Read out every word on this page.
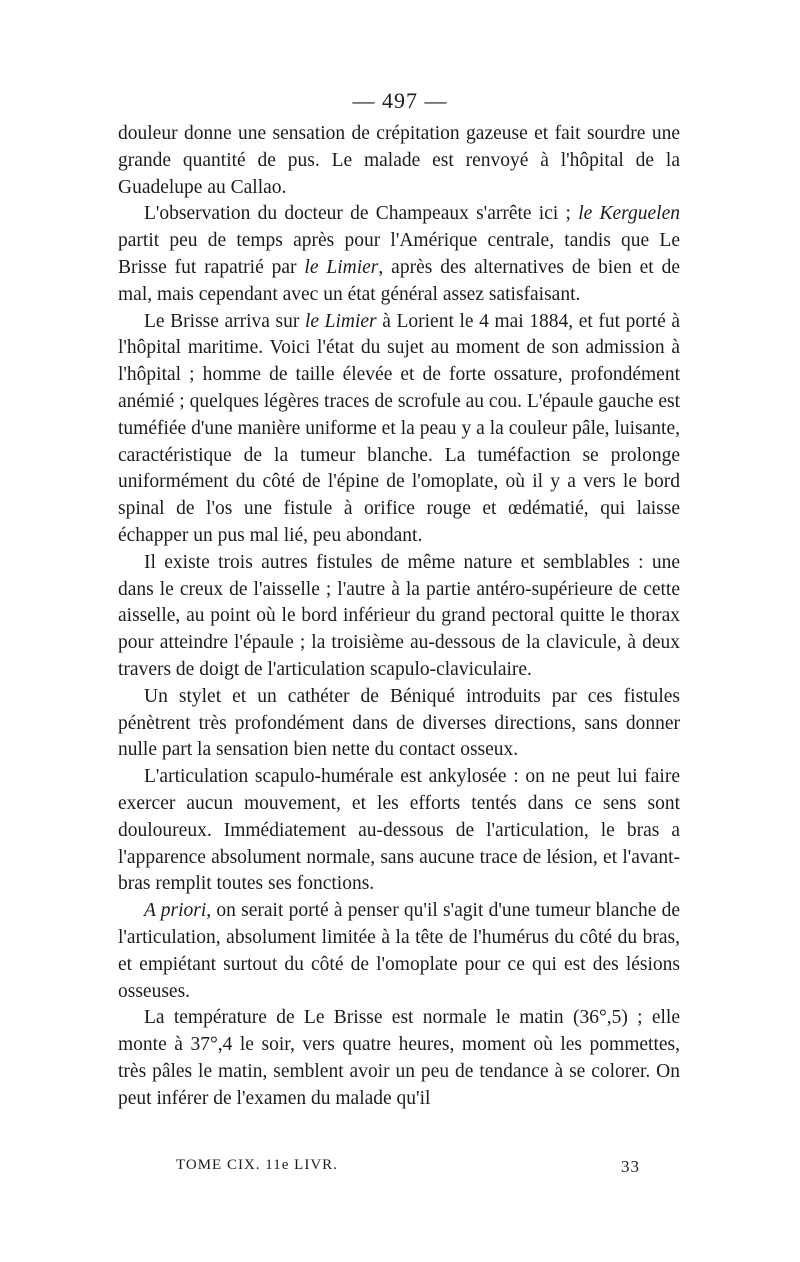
— 497 —

douleur donne une sensation de crépitation gazeuse et fait sourdre une grande quantité de pus. Le malade est renvoyé à l'hôpital de la Guadelupe au Callao.

L'observation du docteur de Champeaux s'arrête ici ; le Kerguelen partit peu de temps après pour l'Amérique centrale, tandis que Le Brisse fut rapatrié par le Limier, après des alternatives de bien et de mal, mais cependant avec un état général assez satisfaisant.

Le Brisse arriva sur le Limier à Lorient le 4 mai 1884, et fut porté à l'hôpital maritime. Voici l'état du sujet au moment de son admission à l'hôpital ; homme de taille élevée et de forte ossature, profondément anémié ; quelques légères traces de scrofule au cou. L'épaule gauche est tuméfiée d'une manière uniforme et la peau y a la couleur pâle, luisante, caractéristique de la tumeur blanche. La tuméfaction se prolonge uniformément du côté de l'épine de l'omoplate, où il y a vers le bord spinal de l'os une fistule à orifice rouge et œdématié, qui laisse échapper un pus mal lié, peu abondant.

Il existe trois autres fistules de même nature et semblables : une dans le creux de l'aisselle ; l'autre à la partie antéro-supérieure de cette aisselle, au point où le bord inférieur du grand pectoral quitte le thorax pour atteindre l'épaule ; la troisième au-dessous de la clavicule, à deux travers de doigt de l'articulation scapulo-claviculaire.

Un stylet et un cathéter de Béniqué introduits par ces fistules pénètrent très profondément dans de diverses directions, sans donner nulle part la sensation bien nette du contact osseux.

L'articulation scapulo-humérale est ankylosée : on ne peut lui faire exercer aucun mouvement, et les efforts tentés dans ce sens sont douloureux. Immédiatement au-dessous de l'articulation, le bras a l'apparence absolument normale, sans aucune trace de lésion, et l'avant-bras remplit toutes ses fonctions.

A priori, on serait porté à penser qu'il s'agit d'une tumeur blanche de l'articulation, absolument limitée à la tête de l'humérus du côté du bras, et empiétant surtout du côté de l'omoplate pour ce qui est des lésions osseuses.

La température de Le Brisse est normale le matin (36°,5) ; elle monte à 37°,4 le soir, vers quatre heures, moment où les pommettes, très pâles le matin, semblent avoir un peu de tendance à se colorer. On peut inférer de l'examen du malade qu'il

TOME CIX. 11e LIVR.	33
